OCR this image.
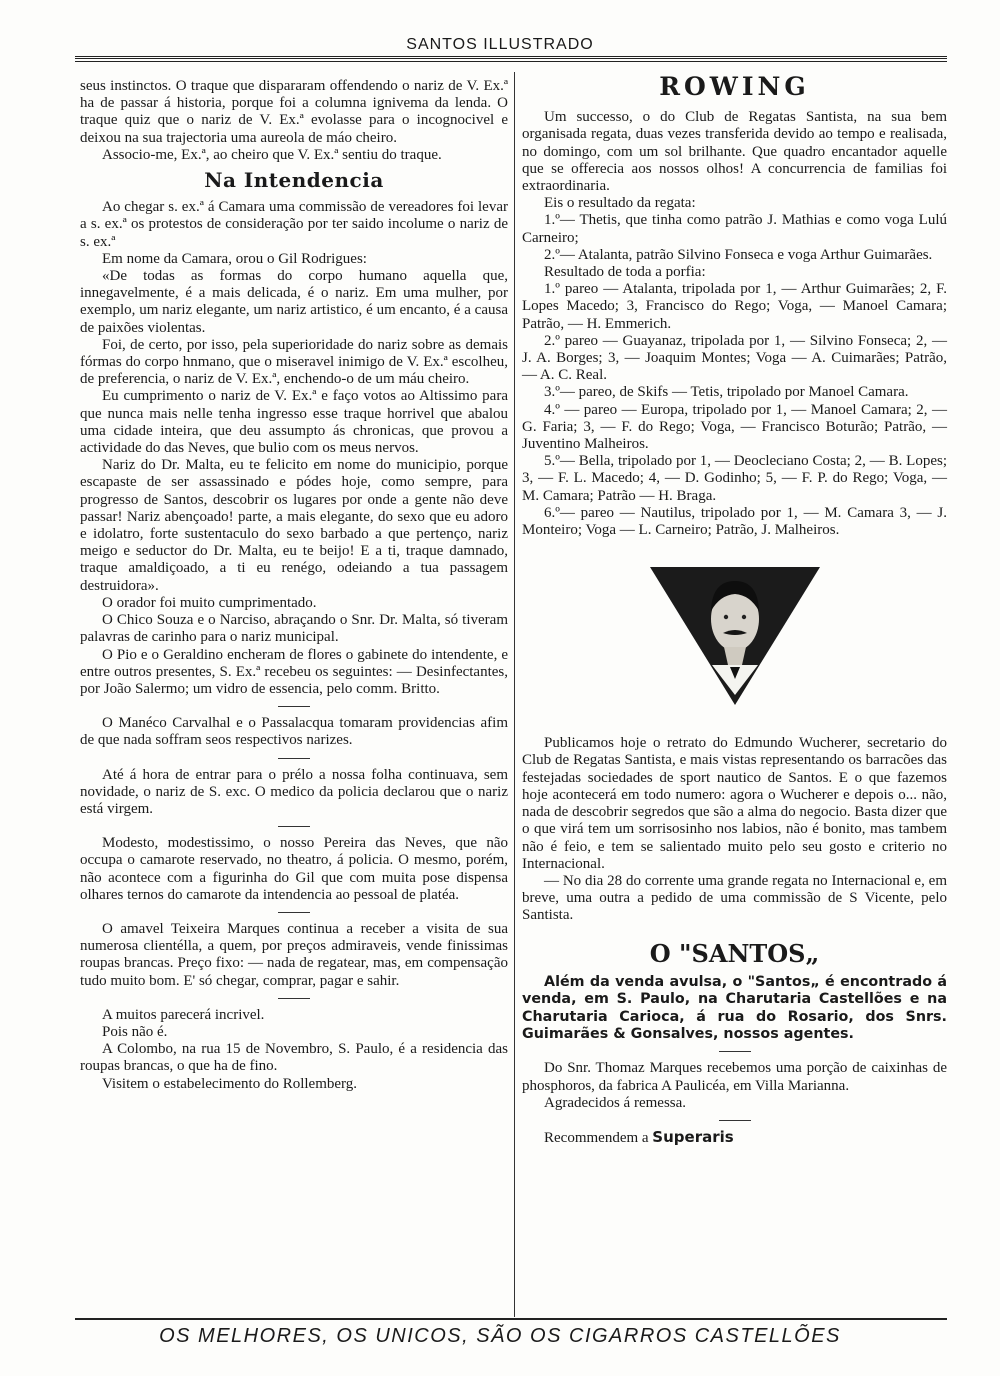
SANTOS ILLUSTRADO

seus instinctos. O traque que dispararam offendendo o nariz de V. Ex.ª ha de passar á historia, porque foi a columna ignivema da lenda. O traque quiz que o nariz de V. Ex.ª evolasse para o incognocivel e deixou na sua trajectoria uma aureola de máo cheiro.

Associo-me, Ex.ª, ao cheiro que V. Ex.ª sentiu do traque.

Na Intendencia

Ao chegar s. ex.ª á Camara uma commissão de vereadores foi levar a s. ex.ª os protestos de consideração por ter saido incolume o nariz de s. ex.ª

Em nome da Camara, orou o Gil Rodrigues:

«De todas as formas do corpo humano aquella que, innegavelmente, é a mais delicada, é o nariz. Em uma mulher, por exemplo, um nariz elegante, um nariz artistico, é um encanto, é a causa de paixões violentas.

Foi, de certo, por isso, pela superioridade do nariz sobre as demais fórmas do corpo hnmano, que o miseravel inimigo de V. Ex.ª escolheu, de preferencia, o nariz de V. Ex.ª, enchendo-o de um máu cheiro.

Eu cumprimento o nariz de V. Ex.ª e faço votos ao Altissimo para que nunca mais nelle tenha ingresso esse traque horrivel que abalou uma cidade inteira, que deu assumpto ás chronicas, que provou a actividade do das Neves, que bulio com os meus nervos.

Nariz do Dr. Malta, eu te felicito em nome do municipio, porque escapaste de ser assassinado e pódes hoje, como sempre, para progresso de Santos, descobrir os lugares por onde a gente não deve passar! Nariz abençoado! parte, a mais elegante, do sexo que eu adoro e idolatro, forte sustentaculo do sexo barbado a que pertenço, nariz meigo e seductor do Dr. Malta, eu te beijo! E a ti, traque damnado, traque amaldiçoado, a ti eu renégo, odeiando a tua passagem destruidora».

O orador foi muito cumprimentado.

O Chico Souza e o Narciso, abraçando o Snr. Dr. Malta, só tiveram palavras de carinho para o nariz municipal.

O Pio e o Geraldino encheram de flores o gabinete do intendente, e entre outros presentes, S. Ex.ª recebeu os seguintes: — Desinfectantes, por João Salermo; um vidro de essencia, pelo comm. Britto.

O Manéco Carvalhal e o Passalacqua tomaram providencias afim de que nada soffram seos respectivos narizes.

Até á hora de entrar para o prélo a nossa folha continuava, sem novidade, o nariz de S. exc. O medico da policia declarou que o nariz está virgem.

Modesto, modestissimo, o nosso Pereira das Neves, que não occupa o camarote reservado, no theatro, á policia. O mesmo, porém, não acontece com a figurinha do Gil que com muita pose dispensa olhares ternos do camarote da intendencia ao pessoal de platéa.

O amavel Teixeira Marques continua a receber a visita de sua numerosa clientélla, a quem, por preços admiraveis, vende finissimas roupas brancas. Preço fixo: — nada de regatear, mas, em compensação tudo muito bom. E' só chegar, comprar, pagar e sahir.

A muitos parecerá incrivel.

Pois não é.

A Colombo, na rua 15 de Novembro, S. Paulo, é a residencia das roupas brancas, o que ha de fino.

Visitem o estabelecimento do Rollemberg.

ROWING

Um successo, o do Club de Regatas Santista, na sua bem organisada regata, duas vezes transferida devido ao tempo e realisada, no domingo, com um sol brilhante. Que quadro encantador aquelle que se offerecia aos nossos olhos! A concurrencia de familias foi extraordinaria.

Eis o resultado da regata:

1.º— Thetis, que tinha como patrão J. Mathias e como voga Lulú Carneiro;

2.º— Atalanta, patrão Silvino Fonseca e voga Arthur Guimarães.

Resultado de toda a porfia:

1.º pareo — Atalanta, tripolada por 1, — Arthur Guimarães; 2, F. Lopes Macedo; 3, Francisco do Rego; Voga, — Manoel Camara; Patrão, — H. Emmerich.

2.º pareo — Guayanaz, tripolada por 1, — Silvino Fonseca; 2, — J. A. Borges; 3, — Joaquim Montes; Voga — A. Cuimarães; Patrão, — A. C. Real.

3.º— pareo, de Skifs — Tetis, tripolado por Manoel Camara.

4.º — pareo — Europa, tripolado por 1, — Manoel Camara; 2, — G. Faria; 3, — F. do Rego; Voga, — Francisco Boturão; Patrão, — Juventino Malheiros.

5.º— Bella, tripolado por 1, — Deocleciano Costa; 2, — B. Lopes; 3, — F. L. Macedo; 4, — D. Godinho; 5, — F. P. do Rego; Voga, — M. Camara; Patrão — H. Braga.

6.º— pareo — Nautilus, tripolado por 1, — M. Camara 3, — J. Monteiro; Voga — L. Carneiro; Patrão, J. Malheiros.

Publicamos hoje o retrato do Edmundo Wucherer, secretario do Club de Regatas Santista, e mais vistas representando os barracões das festejadas sociedades de sport nautico de Santos. E o que fazemos hoje acontecerá em todo numero: agora o Wucherer e depois o... não, nada de descobrir segredos que são a alma do negocio. Basta dizer que o que virá tem um sorrisosinho nos labios, não é bonito, mas tambem não é feio, e tem se salientado muito pelo seu gosto e criterio no Internacional.

— No dia 28 do corrente uma grande regata no Internacional e, em breve, uma outra a pedido de uma commissão de S Vicente, pelo Santista.

O "SANTOS„

Além da venda avulsa, o "Santos„ é encontrado á venda, em S. Paulo, na Charutaria Castellões e na Charutaria Carioca, á rua do Rosario, dos Snrs. Guimarães & Gonsalves, nossos agentes.

Do Snr. Thomaz Marques recebemos uma porção de caixinhas de phosphoros, da fabrica A Paulicéa, em Villa Marianna.

Agradecidos á remessa.

Recommendem a Superaris

OS MELHORES, OS UNICOS, SÃO OS CIGARROS CASTELLÕES
